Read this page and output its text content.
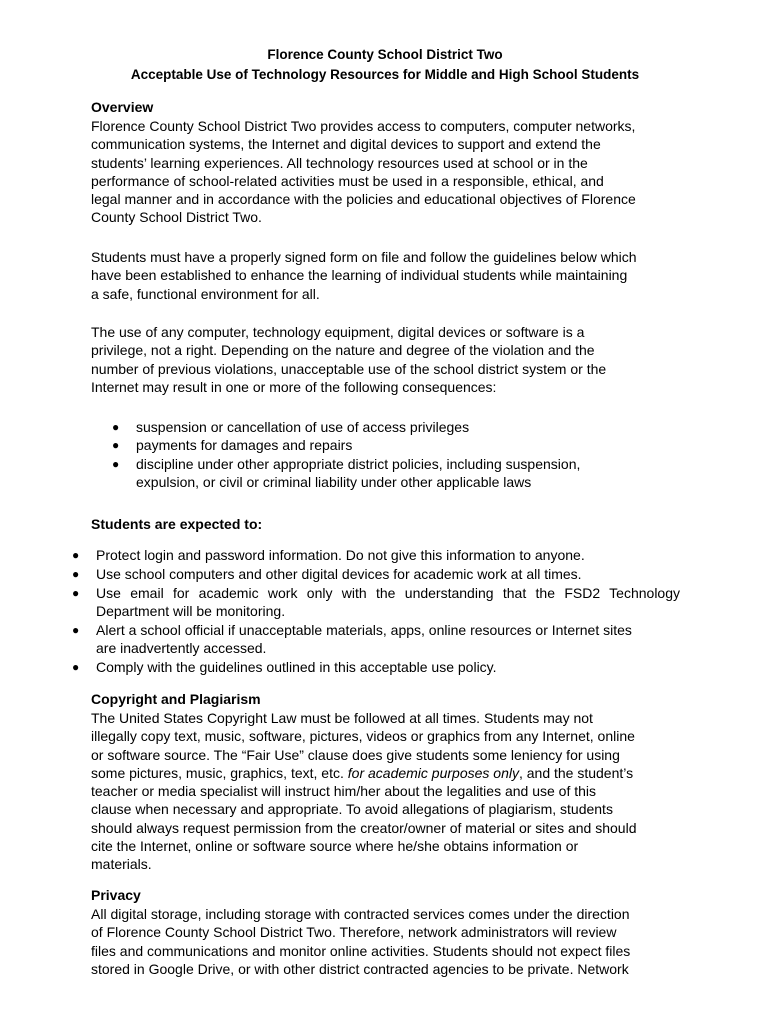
Florence County School District Two
Acceptable Use of Technology Resources for Middle and High School Students
Overview
Florence County School District Two provides access to computers, computer networks,
communication systems, the Internet and digital devices to support and extend the
students’ learning experiences. All technology resources used at school or in the
performance of school-related activities must be used in a responsible, ethical, and
legal manner and in accordance with the policies and educational objectives of Florence
County School District Two.
Students must have a properly signed form on file and follow the guidelines below which
have been established to enhance the learning of individual students while maintaining
a safe, functional environment for all.
The use of any computer, technology equipment, digital devices or software is a
privilege, not a right. Depending on the nature and degree of the violation and the
number of previous violations, unacceptable use of the school district system or the
Internet may result in one or more of the following consequences:
● suspension or cancellation of use of access privileges
● payments for damages and repairs
● discipline under other appropriate district policies, including suspension,
expulsion, or civil or criminal liability under other applicable laws
Students are expected to:
● Protect login and password information. Do not give this information to anyone.
● Use school computers and other digital devices for academic work at all times.
● Use email for academic work only with the understanding that the FSD2 Technology
Department will be monitoring.
● Alert a school official if unacceptable materials, apps, online resources or Internet sites
are inadvertently accessed.
● Comply with the guidelines outlined in this acceptable use policy.
Copyright and Plagiarism
The United States Copyright Law must be followed at all times. Students may not
illegally copy text, music, software, pictures, videos or graphics from any Internet, online
or software source. The “Fair Use” clause does give students some leniency for using
some pictures, music, graphics, text, etc. for academic purposes only, and the student’s
teacher or media specialist will instruct him/her about the legalities and use of this
clause when necessary and appropriate. To avoid allegations of plagiarism, students
should always request permission from the creator/owner of material or sites and should
cite the Internet, online or software source where he/she obtains information or
materials.
Privacy
All digital storage, including storage with contracted services comes under the direction
of Florence County School District Two. Therefore, network administrators will review
files and communications and monitor online activities. Students should not expect files
stored in Google Drive, or with other district contracted agencies to be private. Network
